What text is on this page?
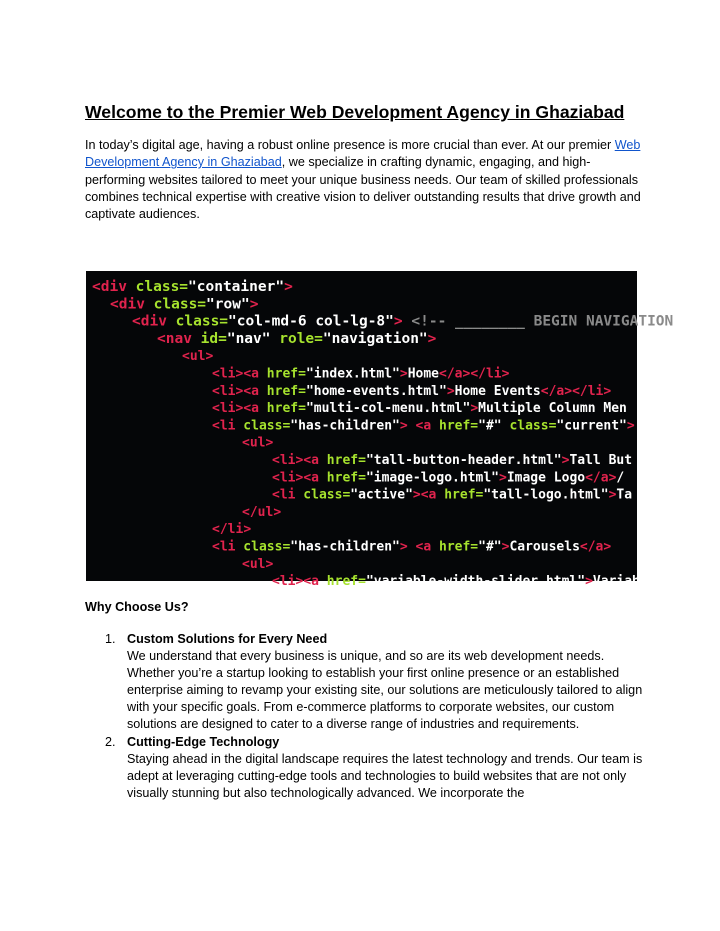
Welcome to the Premier Web Development Agency in Ghaziabad

In today’s digital age, having a robust online presence is more crucial than ever. At our premier Web Development Agency in Ghaziabad, we specialize in crafting dynamic, engaging, and high-performing websites tailored to meet your unique business needs. Our team of skilled professionals combines technical expertise with creative vision to deliver outstanding results that drive growth and captivate audiences.

<div class="container">
<div class="row">
<div class="col-md-6 col-lg-8"> <!-- ________ BEGIN NAVIGATION
<nav id="nav" role="navigation">
<ul>
<li><a href="index.html">Home</a></li>
<li><a href="home-events.html">Home Events</a></li>
<li><a href="multi-col-menu.html">Multiple Column Men
<li class="has-children"> <a href="#" class="current">
<ul>
<li><a href="tall-button-header.html">Tall But
<li><a href="image-logo.html">Image Logo</a>/
<li class="active"><a href="tall-logo.html">Ta
</ul>
</li>
<li class="has-children"> <a href="#">Carousels</a>
<ul>
<li><a href="variable-width-slider.html">Variab
Why Choose Us?
1. Custom Solutions for Every Need
We understand that every business is unique, and so are its web development needs. Whether you’re a startup looking to establish your first online presence or an established enterprise aiming to revamp your existing site, our solutions are meticulously tailored to align with your specific goals. From e-commerce platforms to corporate websites, our custom solutions are designed to cater to a diverse range of industries and requirements.
2. Cutting-Edge Technology
Staying ahead in the digital landscape requires the latest technology and trends. Our team is adept at leveraging cutting-edge tools and technologies to build websites that are not only visually stunning but also technologically advanced. We incorporate the
